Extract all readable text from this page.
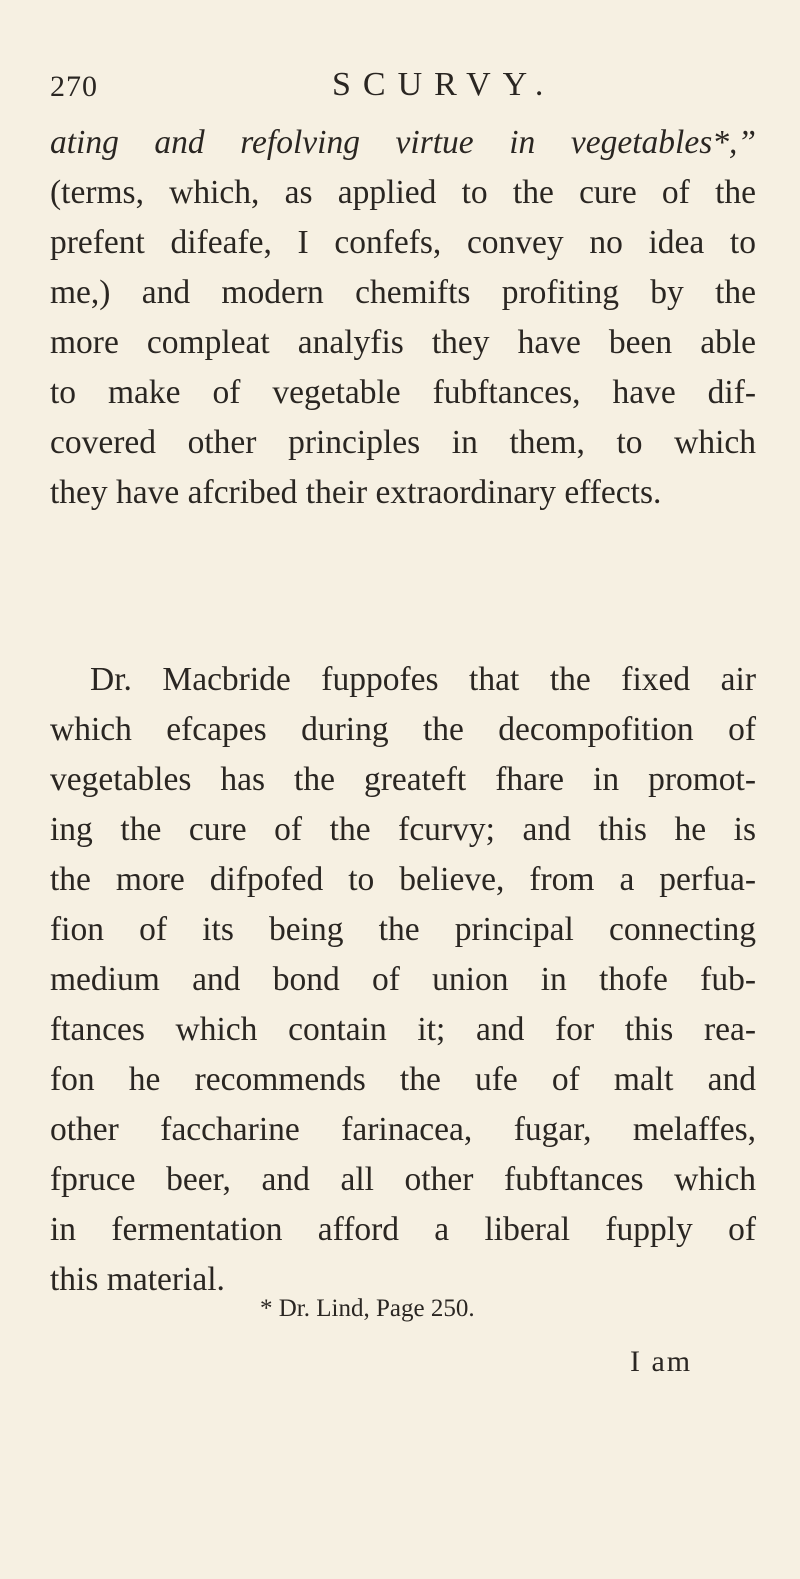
270	SCURVY.
ating and refolving virtue in vegetables*,”
(terms, which, as applied to the cure of the
prefent difeafe, I confefs, convey no idea to
me,) and modern chemifts profiting by the
more compleat analyfis they have been able
to make of vegetable fubftances, have dif-
covered other principles in them, to which
they have afcribed their extraordinary effects.
Dr. Macbride fuppofes that the fixed air
which efcapes during the decompofition of
vegetables has the greateft fhare in promot-
ing the cure of the fcurvy; and this he is
the more difpofed to believe, from a perfua-
fion of its being the principal connecting
medium and bond of union in thofe fub-
ftances which contain it; and for this rea-
fon he recommends the ufe of malt and
other faccharine farinacea, fugar, melaffes,
fpruce beer, and all other fubftances which
in fermentation afford a liberal fupply of
this material.
* Dr. Lind, Page 250.
I am
